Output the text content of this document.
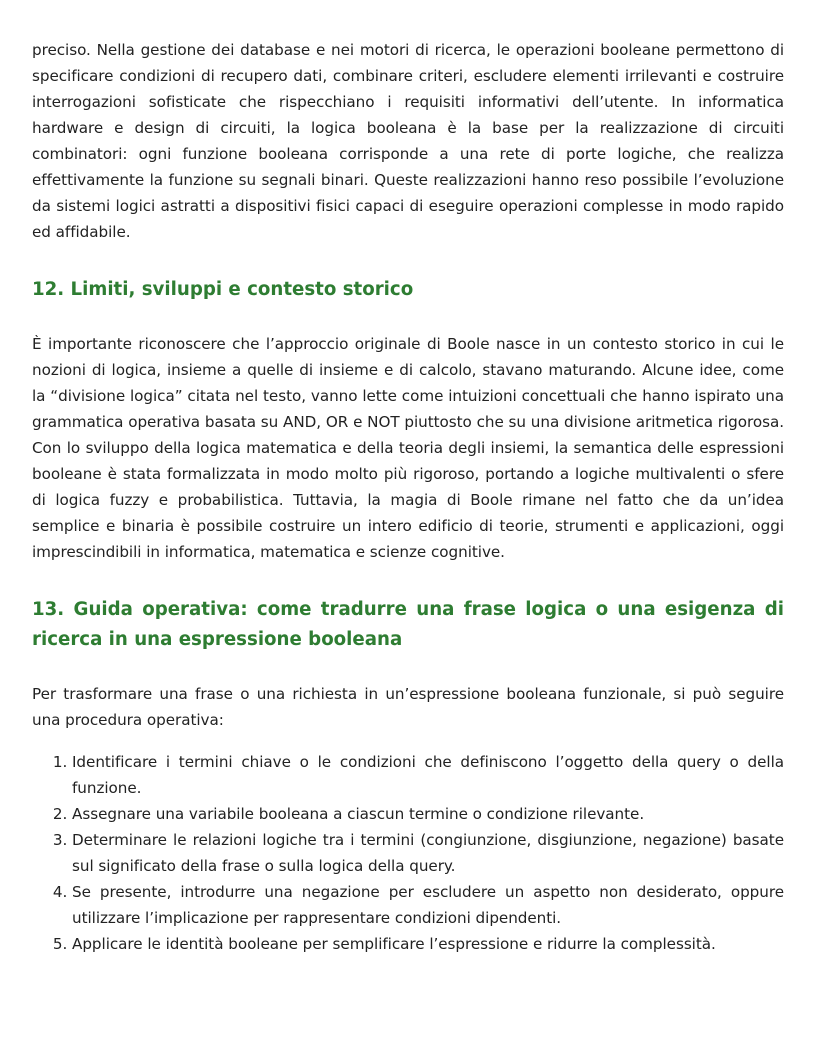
preciso. Nella gestione dei database e nei motori di ricerca, le operazioni booleane permettono di specificare condizioni di recupero dati, combinare criteri, escludere elementi irrilevanti e costruire interrogazioni sofisticate che rispecchiano i requisiti informativi dell’utente. In informatica hardware e design di circuiti, la logica booleana è la base per la realizzazione di circuiti combinatori: ogni funzione booleana corrisponde a una rete di porte logiche, che realizza effettivamente la funzione su segnali binari. Queste realizzazioni hanno reso possibile l’evoluzione da sistemi logici astratti a dispositivi fisici capaci di eseguire operazioni complesse in modo rapido ed affidabile.

12. Limiti, sviluppi e contesto storico

È importante riconoscere che l’approccio originale di Boole nasce in un contesto storico in cui le nozioni di logica, insieme a quelle di insieme e di calcolo, stavano maturando. Alcune idee, come la “divisione logica” citata nel testo, vanno lette come intuizioni concettuali che hanno ispirato una grammatica operativa basata su AND, OR e NOT piuttosto che su una divisione aritmetica rigorosa. Con lo sviluppo della logica matematica e della teoria degli insiemi, la semantica delle espressioni booleane è stata formalizzata in modo molto più rigoroso, portando a logiche multivalenti o sfere di logica fuzzy e probabilistica. Tuttavia, la magia di Boole rimane nel fatto che da un’idea semplice e binaria è possibile costruire un intero edificio di teorie, strumenti e applicazioni, oggi imprescindibili in informatica, matematica e scienze cognitive.

13. Guida operativa: come tradurre una frase logica o una esigenza di ricerca in una espressione booleana

Per trasformare una frase o una richiesta in un’espressione booleana funzionale, si può seguire una procedura operativa:

1. Identificare i termini chiave o le condizioni che definiscono l’oggetto della query o della funzione.
2. Assegnare una variabile booleana a ciascun termine o condizione rilevante.
3. Determinare le relazioni logiche tra i termini (congiunzione, disgiunzione, negazione) basate sul significato della frase o sulla logica della query.
4. Se presente, introdurre una negazione per escludere un aspetto non desiderato, oppure utilizzare l’implicazione per rappresentare condizioni dipendenti.
5. Applicare le identità booleane per semplificare l’espressione e ridurre la complessità.
